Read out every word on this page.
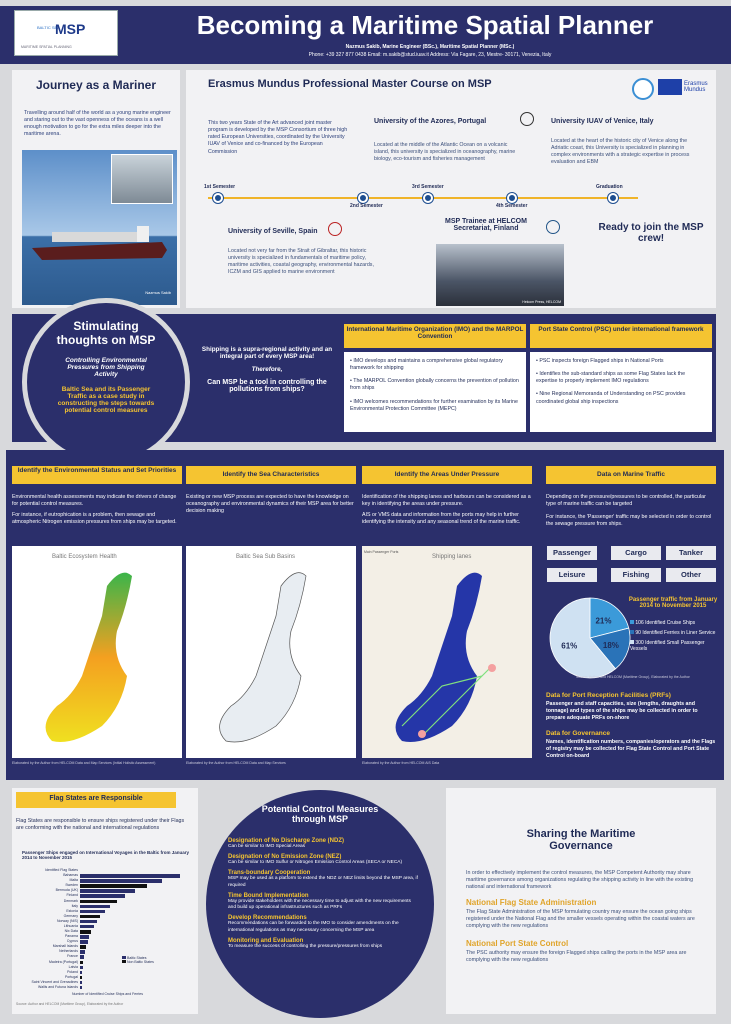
BALTIC SEA
MSP
MARITIME SPATIAL PLANNING
Becoming a Maritime Spatial Planner
Nazmus Sakib, Marine Engineer (BSc.), Maritime Spatial Planner (MSc.)
Phone: +39 327 877 0438 Email: m.sakib@stud.iuav.it Address: Via Fagare, 23, Mestre- 30171, Venezia, Italy
Journey as a Mariner
Travelling around half of the world as a young marine engineer and staring out to the vast openness of the oceans is a well enough motivation to go for the extra miles deeper into the maritime arena.
Nazmus Sakib
Erasmus Mundus Professional Master Course on MSP	Erasmus Mundus
This two years State of the Art advanced joint master program is developed by the MSP Consortium of three high rated European Universities, coordinated by the University IUAV of Venice and co-financed by the European Commission
University of the Azores, Portugal
Located at the middle of the Atlantic Ocean on a volcanic island, this university is specialized in oceanography, marine biology, eco-tourism and fisheries management
University IUAV of Venice, Italy
Located at the heart of the historic city of Venice along the Adriatic coast, this University is specialized in planning in complex environments with a strategic expertise in process evaluation and EBM
1st Semester
2nd Semester
3rd Semester
4th Semester
Graduation
University of Seville, Spain
Located not very far from the Strait of Gibraltar, this historic university is specialized in fundamentals of maritime policy, maritime activities, coastal geography, environmental hazards, ICZM and GIS applied to marine environment
MSP Trainee at HELCOM Secretariat, Finland
Helcom Press, HELCOM
Ready to join the MSP crew!
Stimulating thoughts on MSP
Controlling Environmental Pressures from Shipping Activity
Baltic Sea and its Passenger Traffic as a case study in constructing the steps towards potential control measures
Shipping is a supra-regional activity and an integral part of every MSP area!
Therefore,
Can MSP be a tool in controlling the pollutions from ships?
International Maritime Organization (IMO) and the MARPOL Convention
• IMO develops and maintains a comprehensive global regulatory framework for shipping
• The MARPOL Convention globally concerns the prevention of pollution from ships
• IMO welcomes recommendations for further examination by its Marine Environmental Protection Committee (MEPC)
Port State Control (PSC) under international framework
• PSC inspects foreign Flagged ships in National Ports
• Identifies the sub-standard ships as some Flag States lack the expertise to properly implement IMO regulations
• Nine Regional Memoranda of Understanding on PSC provides coordinated global ship inspections
Identify the Environmental Status and Set Priorities
Environmental health assessments may indicate the drivers of change for potential control measures.
For instance, if eutrophication is a problem, then sewage and atmospheric Nitrogen emission pressures from ships may be targeted.
Baltic Ecosystem Health
Elaborated by the Author from HELCOM Data and Map Services (Initial Holistic Assessment)
Identify the Sea Characteristics
Existing or new MSP process are expected to have the knowledge on oceanography and environmental dynamics of their MSP area for better decision making
Baltic Sea Sub Basins
Elaborated by the Author from HELCOM Data and Map Services
Identify the Areas Under Pressure
Identification of the shipping lanes and harbours can be considered as a key in identifying the areas under pressure.
AIS or VMS data and information from the ports may help in further identifying the intensity and any seasonal trend of the marine traffic.
Shipping lanes
Main Passenger Ports
Elaborated by the Author from HELCOM AIS Data
Data on Marine Traffic
Depending on the pressure/pressures to be controlled, the particular type of marine traffic can be targeted
For instance, the 'Passenger' traffic may be selected in order to control the sewage pressure from ships.
Passenger	Cargo	Tanker
Leisure	Fishing	Other
21%
18%
61%
Passenger traffic from January 2014 to November 2015
106 Identified Cruise Ships
90 Identified Ferries in Liner Service
300 Identified Small Passenger Vessels
Source: Author and HELCOM (Maritime Group), Elaborated by the Author
Data for Port Reception Facilities (PRFs)
Passenger and staff capacities, size (lengths, draughts and tonnage) and types of the ships may be collected in order to prepare adequate PRFs on-shore
Data for Governance
Names, identification numbers, companies/operators and the Flags of registry may be collected for Flag State Control and Port State Control on-board
Flag States are Responsible
Flag States are responsible to ensure ships registered under their Flags are conforming with the national and international regulations
Passenger Ships engaged on International Voyages in the Baltic from January 2014 to November 2015
Identified Flag States
Bahamas
Malta
Sweden
Bermuda (UK)
Finland
Denmark
Italy
Estonia
Germany
Norway (NIS)
Lithuania
Nix Data
Panama
Cyprus
Marshall Islands
Netherlands
France
Madeira (Portugal)
Latvia
Poland
Portugal
Saint Vincent and Grenadines
Wallis and Futuna Islands
Baltic States
Non Baltic States
Number of Identified Cruise Ships and Ferries
Source: Author and HELCOM (Maritime Group), Elaborated by the Author
Potential Control Measures through MSP
Designation of No Discharge Zone (NDZ)
Can be similar to IMO Special Areas
Designation of No Emission Zone (NEZ)
Can be similar to IMO Sulfur or Nitrogen Emission Control Areas (SECA or NECA)
Trans-boundary Cooperation
MSP may be used as a platform to extend the NDZ or NEZ limits beyond the MSP area, if required
Time Bound Implementation
May provide stakeholders with the necessary time to adjust with the new requirements and build up operational infrastructures such as PRFs
Develop Recommendations
Recommendations can be forwarded to the IMO to consider amendments on the international regulations as may necessary concerning the MSP area
Monitoring and Evaluation
To measure the success of controlling the pressure/pressures from ships
Sharing the Maritime Governance
In order to effectively implement the control measures, the MSP Competent Authority may share maritime governance among organizations regulating the shipping activity in line with the existing national and international framework
National Flag State Administration
The Flag State Administration of the MSP formulating country may ensure the ocean going ships registered under the National Flag and the smaller vessels operating within the coastal waters are complying with the new regulations
National Port State Control
The PSC authority may ensure the foreign Flagged ships calling the ports in the MSP area are complying with the new regulations
